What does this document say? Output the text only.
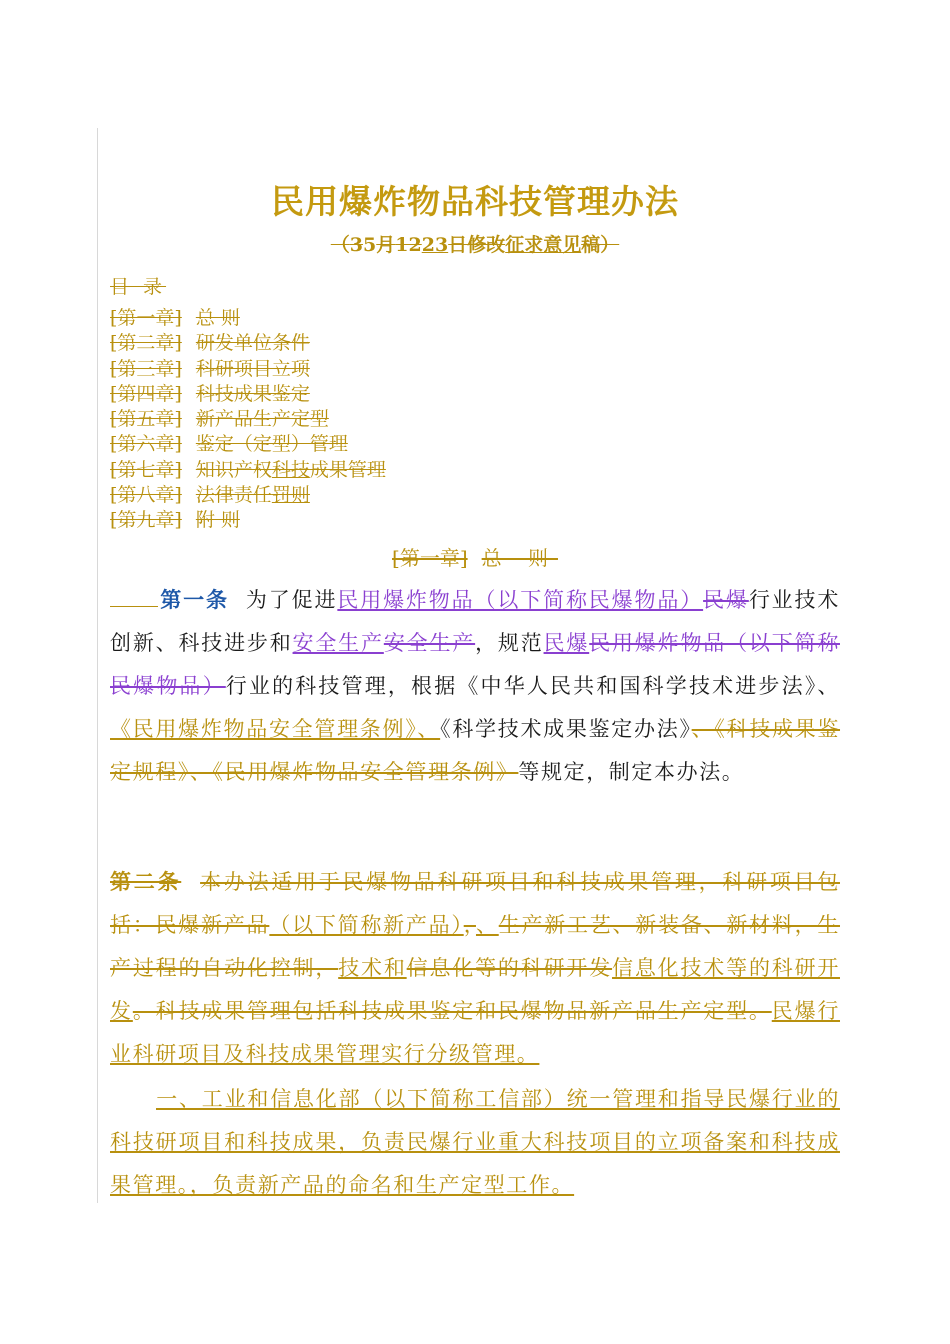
民用爆炸物品科技管理办法
（35月1223日修改征求意见稿）
目 录
[第一章] 总 则
[第二章] 研发单位条件
[第三章] 科研项目立项
[第四章] 科技成果鉴定
[第五章] 新产品生产定型
[第六章] 鉴定（定型）管理
[第七章] 知识产权科技成果管理
[第八章] 法律责任罚则
[第九章] 附 则
[第一章] 总 则
第一条 为了促进民用爆炸物品（以下简称民爆物品）民爆行业技术创新、科技进步和安全生产安全生产，规范民爆民用爆炸物品（以下简称民爆物品）行业的科技管理，根据《中华人民共和国科学技术进步法》、《民用爆炸物品安全管理条例》、《科学技术成果鉴定办法》、《科技成果鉴定规程》、《民用爆炸物品安全管理条例》等规定，制定本办法。
第二条 本办法适用于民爆物品科研项目和科技成果管理，科研项目包括：民爆新产品（以下简称新产品），、生产新工艺、新装备、新材料，生产过程的自动化控制，技术和信息化等的科研开发信息化技术等的科研开发。科技成果管理包括科技成果鉴定和民爆物品新产品生产定型。民爆行业科研项目及科技成果管理实行分级管理。
一、工业和信息化部（以下简称工信部）统一管理和指导民爆行业的科技研项目和科技成果，负责民爆行业重大科技项目的立项备案和科技成果管理。，负责新产品的命名和生产定型工作。
